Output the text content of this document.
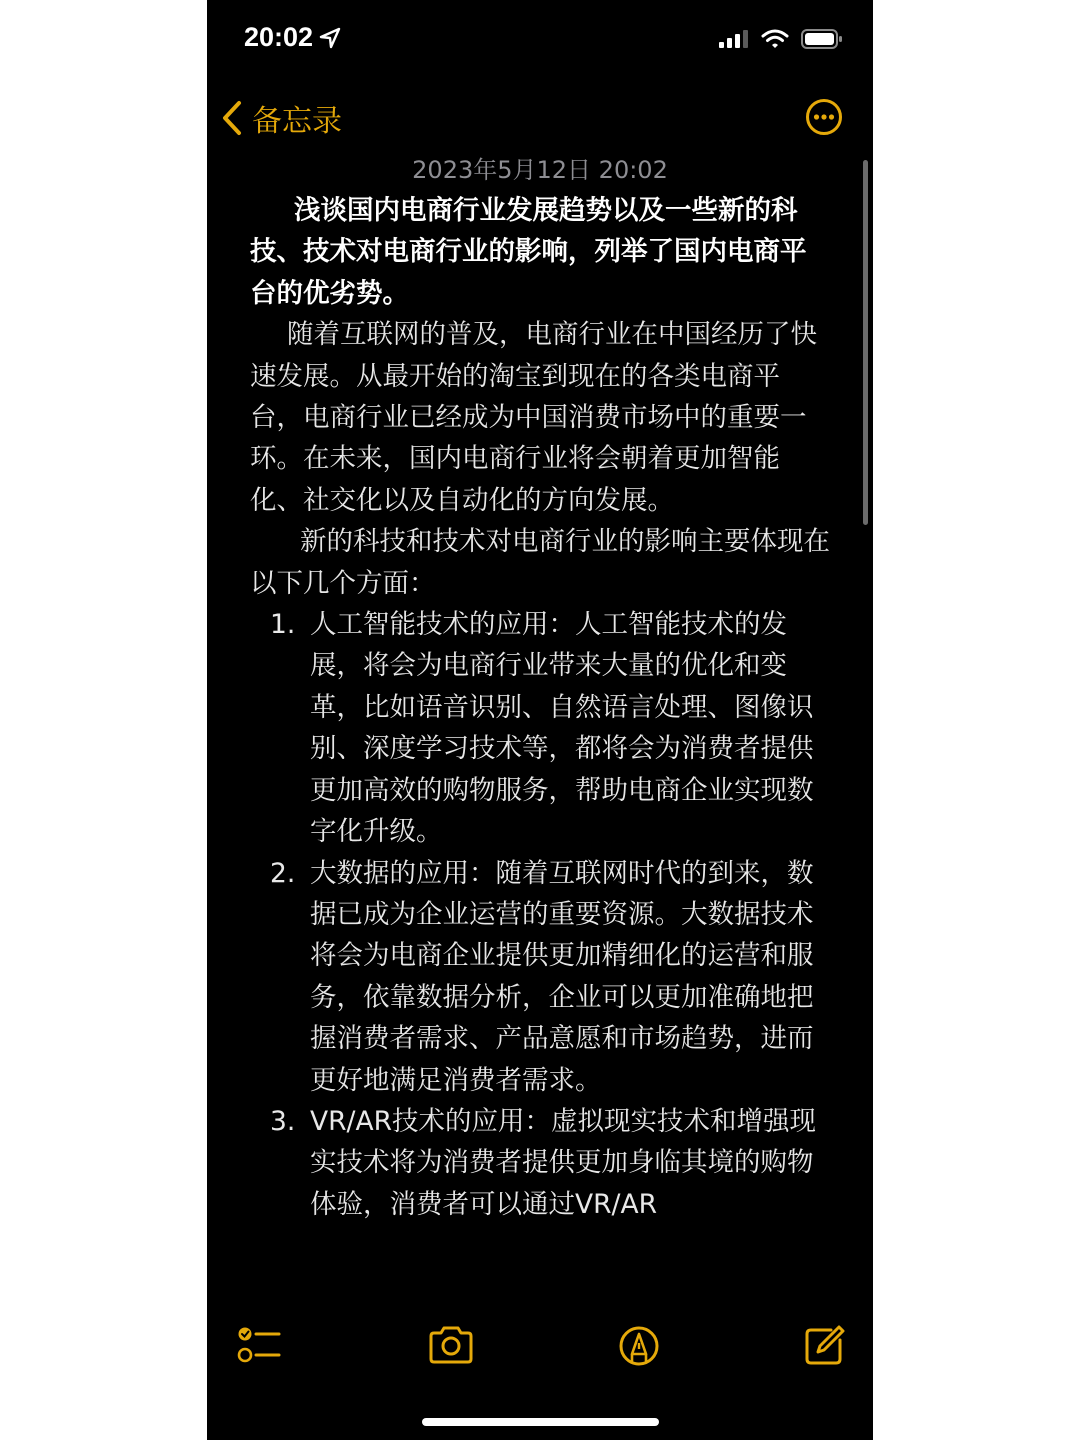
20:02
备忘录
2023年5月12日 20:02

浅谈国内电商行业发展趋势以及一些新的科技、技术对电商行业的影响，列举了国内电商平台的优劣势。

随着互联网的普及，电商行业在中国经历了快速发展。从最开始的淘宝到现在的各类电商平台，电商行业已经成为中国消费市场中的重要一环。在未来，国内电商行业将会朝着更加智能化、社交化以及自动化的方向发展。

新的科技和技术对电商行业的影响主要体现在以下几个方面：

1. 人工智能技术的应用：人工智能技术的发展，将会为电商行业带来大量的优化和变革，比如语音识别、自然语言处理、图像识别、深度学习技术等，都将会为消费者提供更加高效的购物服务，帮助电商企业实现数字化升级。
2. 大数据的应用：随着互联网时代的到来，数据已成为企业运营的重要资源。大数据技术将会为电商企业提供更加精细化的运营和服务，依靠数据分析，企业可以更加准确地把握消费者需求、产品意愿和市场趋势，进而更好地满足消费者需求。
3. VR/AR技术的应用：虚拟现实技术和增强现实技术将为消费者提供更加身临其境的购物体验，消费者可以通过VR/AR
